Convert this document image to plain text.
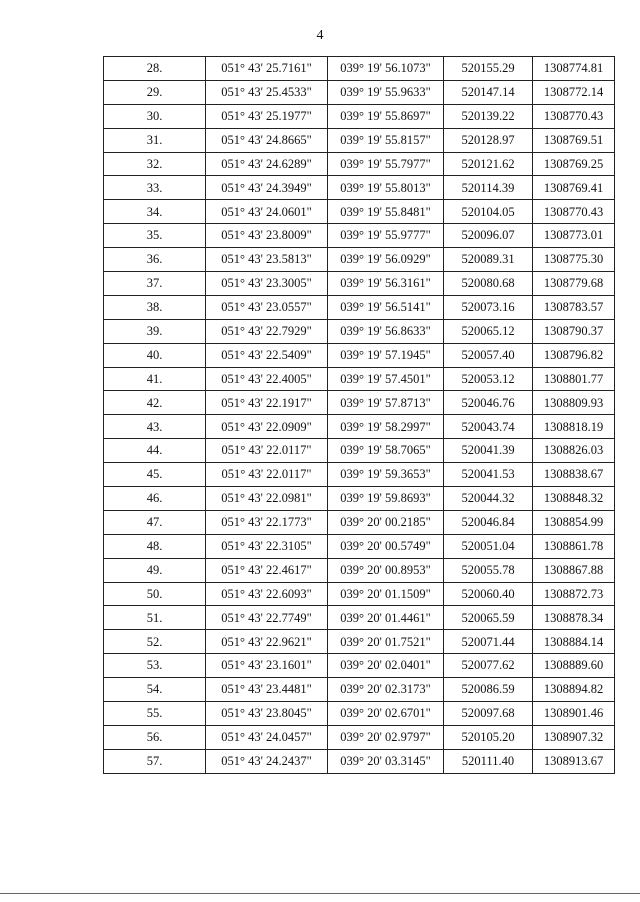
4
28.	051° 43' 25.7161"	039° 19' 56.1073"	520155.29	1308774.81
29.	051° 43' 25.4533"	039° 19' 55.9633"	520147.14	1308772.14
30.	051° 43' 25.1977"	039° 19' 55.8697"	520139.22	1308770.43
31.	051° 43' 24.8665"	039° 19' 55.8157"	520128.97	1308769.51
32.	051° 43' 24.6289"	039° 19' 55.7977"	520121.62	1308769.25
33.	051° 43' 24.3949"	039° 19' 55.8013"	520114.39	1308769.41
34.	051° 43' 24.0601"	039° 19' 55.8481"	520104.05	1308770.43
35.	051° 43' 23.8009"	039° 19' 55.9777"	520096.07	1308773.01
36.	051° 43' 23.5813"	039° 19' 56.0929"	520089.31	1308775.30
37.	051° 43' 23.3005"	039° 19' 56.3161"	520080.68	1308779.68
38.	051° 43' 23.0557"	039° 19' 56.5141"	520073.16	1308783.57
39.	051° 43' 22.7929"	039° 19' 56.8633"	520065.12	1308790.37
40.	051° 43' 22.5409"	039° 19' 57.1945"	520057.40	1308796.82
41.	051° 43' 22.4005"	039° 19' 57.4501"	520053.12	1308801.77
42.	051° 43' 22.1917"	039° 19' 57.8713"	520046.76	1308809.93
43.	051° 43' 22.0909"	039° 19' 58.2997"	520043.74	1308818.19
44.	051° 43' 22.0117"	039° 19' 58.7065"	520041.39	1308826.03
45.	051° 43' 22.0117"	039° 19' 59.3653"	520041.53	1308838.67
46.	051° 43' 22.0981"	039° 19' 59.8693"	520044.32	1308848.32
47.	051° 43' 22.1773"	039° 20' 00.2185"	520046.84	1308854.99
48.	051° 43' 22.3105"	039° 20' 00.5749"	520051.04	1308861.78
49.	051° 43' 22.4617"	039° 20' 00.8953"	520055.78	1308867.88
50.	051° 43' 22.6093"	039° 20' 01.1509"	520060.40	1308872.73
51.	051° 43' 22.7749"	039° 20' 01.4461"	520065.59	1308878.34
52.	051° 43' 22.9621"	039° 20' 01.7521"	520071.44	1308884.14
53.	051° 43' 23.1601"	039° 20' 02.0401"	520077.62	1308889.60
54.	051° 43' 23.4481"	039° 20' 02.3173"	520086.59	1308894.82
55.	051° 43' 23.8045"	039° 20' 02.6701"	520097.68	1308901.46
56.	051° 43' 24.0457"	039° 20' 02.9797"	520105.20	1308907.32
57.	051° 43' 24.2437"	039° 20' 03.3145"	520111.40	1308913.67
